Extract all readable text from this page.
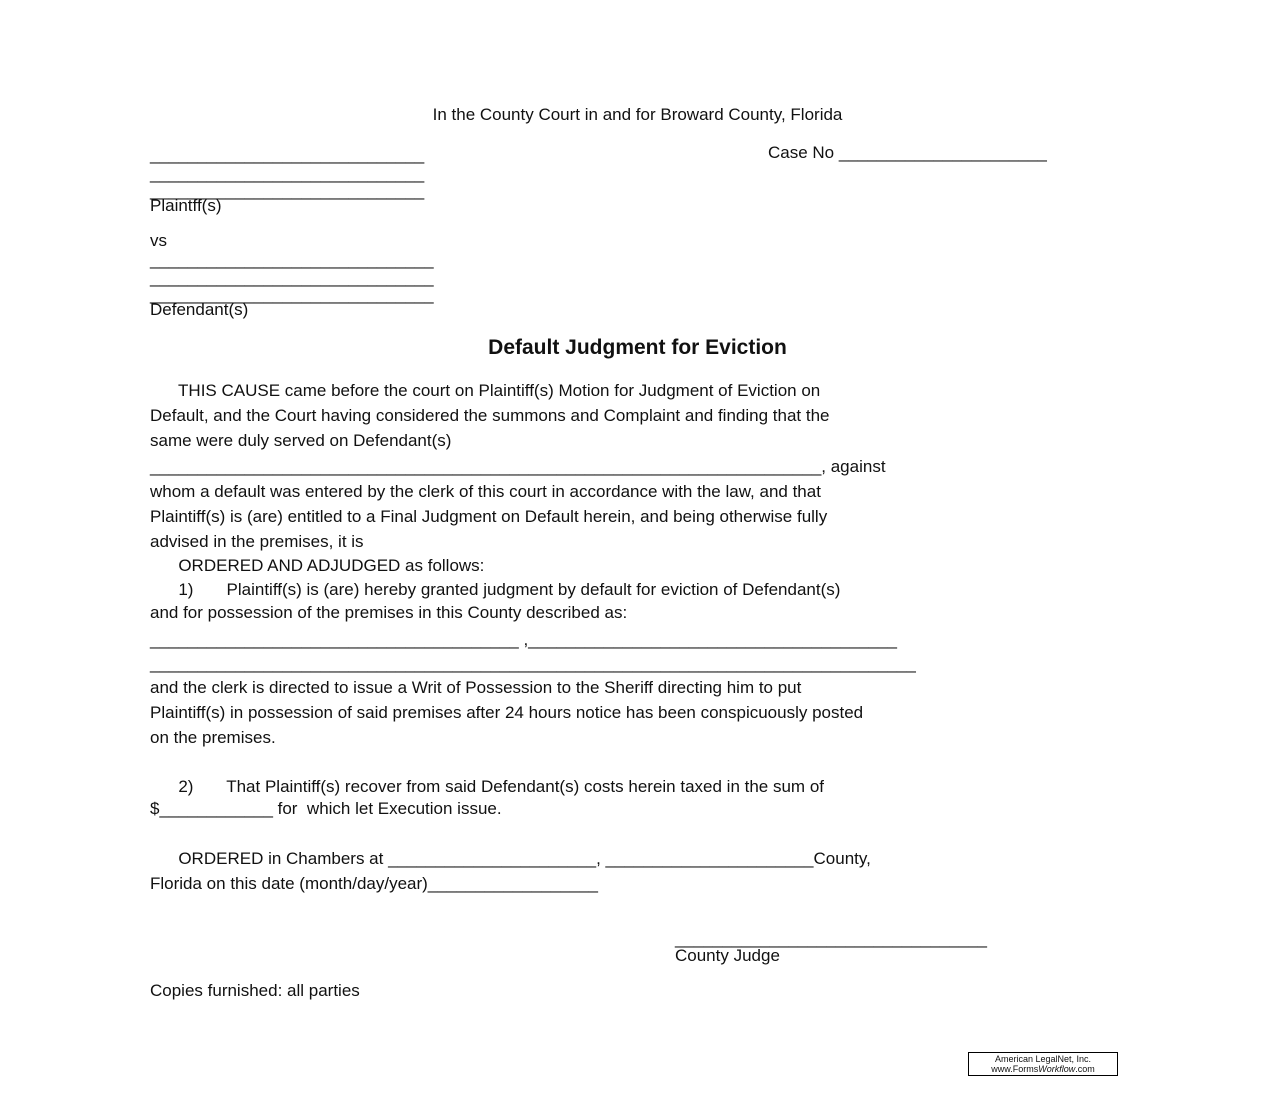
In the County Court in and for Broward County, Florida
Case No ______________________
_____________________________
_____________________________
_____________________________
Plaintff(s)
vs
______________________________
______________________________
______________________________
Defendant(s)
Default Judgment for Eviction
THIS CAUSE came before the court on Plaintiff(s) Motion for Judgment of Eviction on
Default, and the Court having considered the summons and Complaint and finding that the
same were duly served on Defendant(s)
_______________________________________________________________________, against
whom a default was entered by the clerk of this court in accordance with the law, and that
Plaintiff(s) is (are) entitled to a Final Judgment on Default herein, and being otherwise fully
advised in the premises, it is
ORDERED AND ADJUDGED as follows:
1)       Plaintiff(s) is (are) hereby granted judgment by default for eviction of Defendant(s)
and for possession of the premises in this County described as:
_______________________________________ ,_______________________________________
_________________________________________________________________________________
and the clerk is directed to issue a Writ of Possession to the Sheriff directing him to put
Plaintiff(s) in possession of said premises after 24 hours notice has been conspicuously posted
on the premises.
2)       That Plaintiff(s) recover from said Defendant(s) costs herein taxed in the sum of
$____________ for  which let Execution issue.
ORDERED in Chambers at ______________________, ______________________County,
Florida on this date (month/day/year)__________________
_________________________________
County Judge
Copies furnished: all parties
American LegalNet, Inc.
www.FormsWorkflow.com
